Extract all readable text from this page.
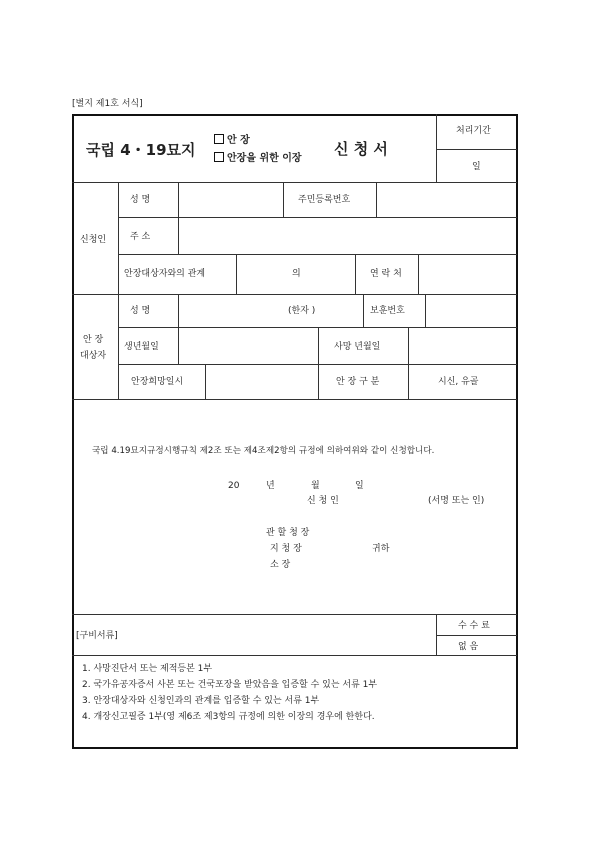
[별지 제1호 서식]
국립 4・19묘지
안 장
안장을 위한 이장
신 청 서
처리기간
일
신청인
성 명	주민등록번호
주 소
안장대상자와의 관계	의	연 락 처
안 장
대상자
성 명	(한자 )	보훈번호
생년월일	사망 년월일
안장희망일시	안 장 구 분	시신, 유골
국립 4.19묘지규정시행규칙 제2조 또는 제4조제2항의 규정에 의하여위와 같이 신청합니다.
20	년	월	일
신 청 인	(서명 또는 인)
관 할 청 장
지 청 장	귀하
소 장
수 수 료
없 음
[구비서류]
1. 사망진단서 또는 제적등본 1부
2. 국가유공자증서 사본 또는 건국포장을 받았음을 입증할 수 있는 서류 1부
3. 안장대상자와 신청인과의 관계를 입증할 수 있는 서류 1부
4. 개장신고필증 1부(영 제6조 제3항의 규정에 의한 이장의 경우에 한한다.
